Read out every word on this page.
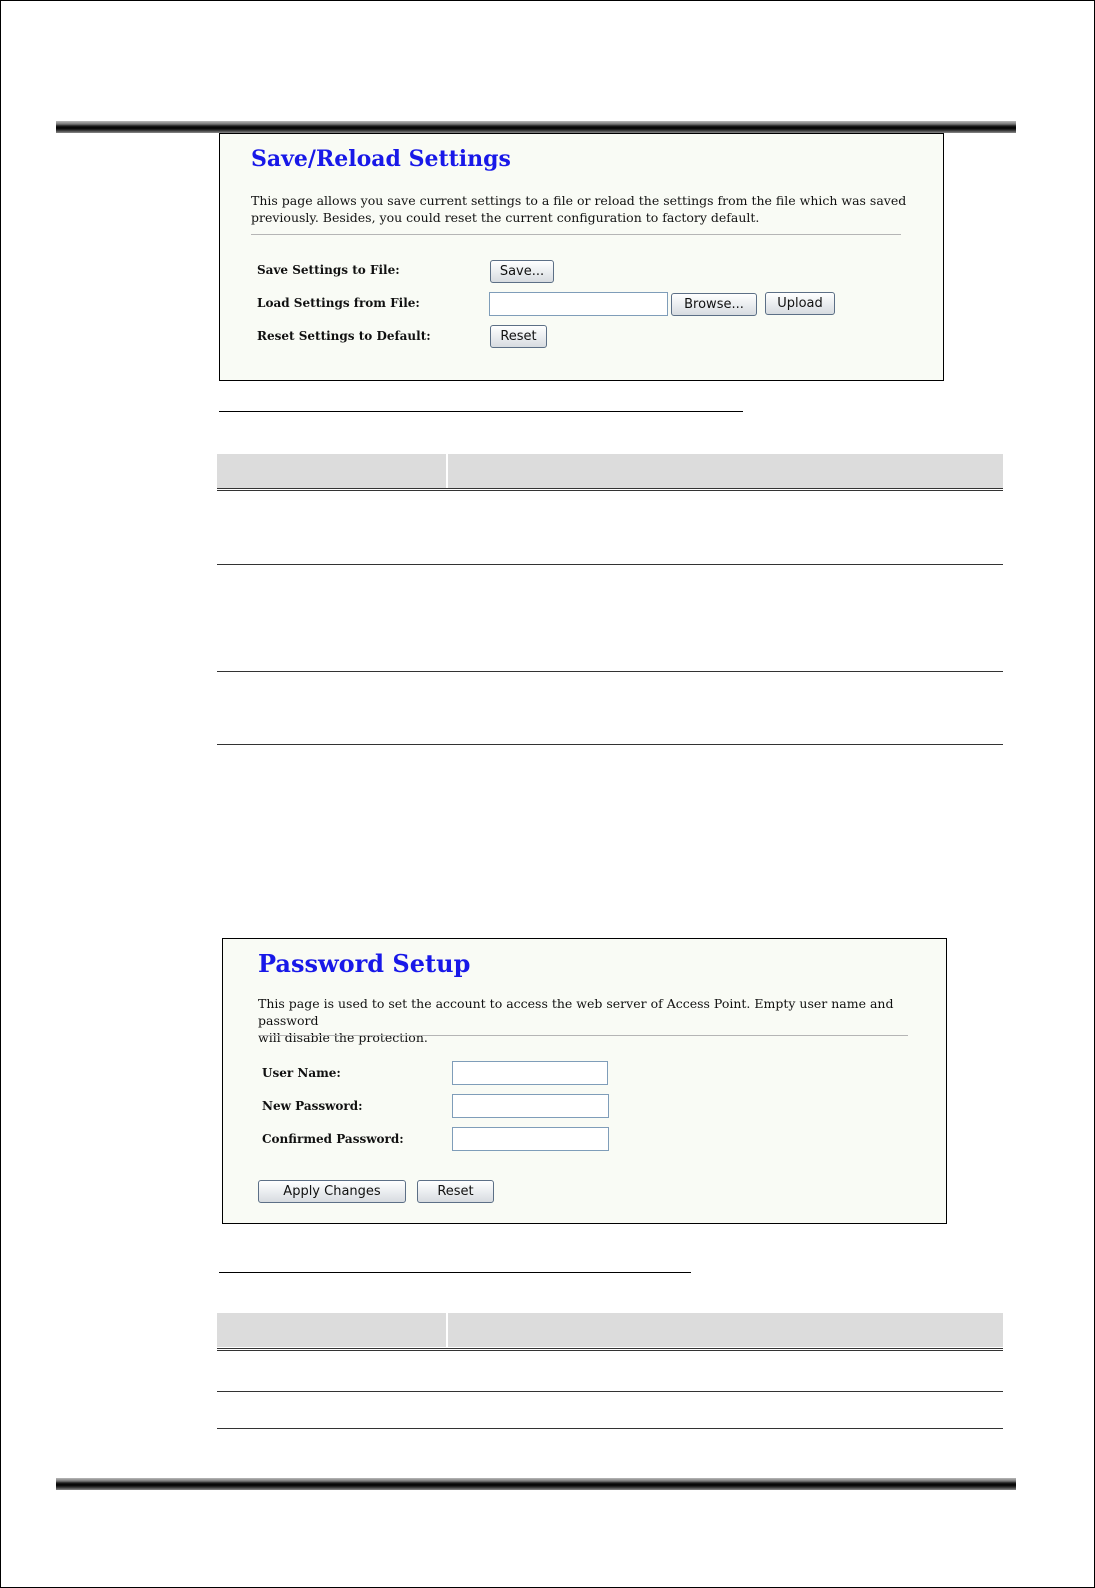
Save/Reload Settings

This page allows you save current settings to a file or reload the settings from the file which was saved
previously. Besides, you could reset the current configuration to factory default.

Save Settings to File:	Save...
Load Settings from File:	Browse...	Upload
Reset Settings to Default:	Reset
Password Setup

This page is used to set the account to access the web server of Access Point. Empty user name and password
will disable the protection.

User Name:
New Password:
Confirmed Password:
Apply Changes	Reset
